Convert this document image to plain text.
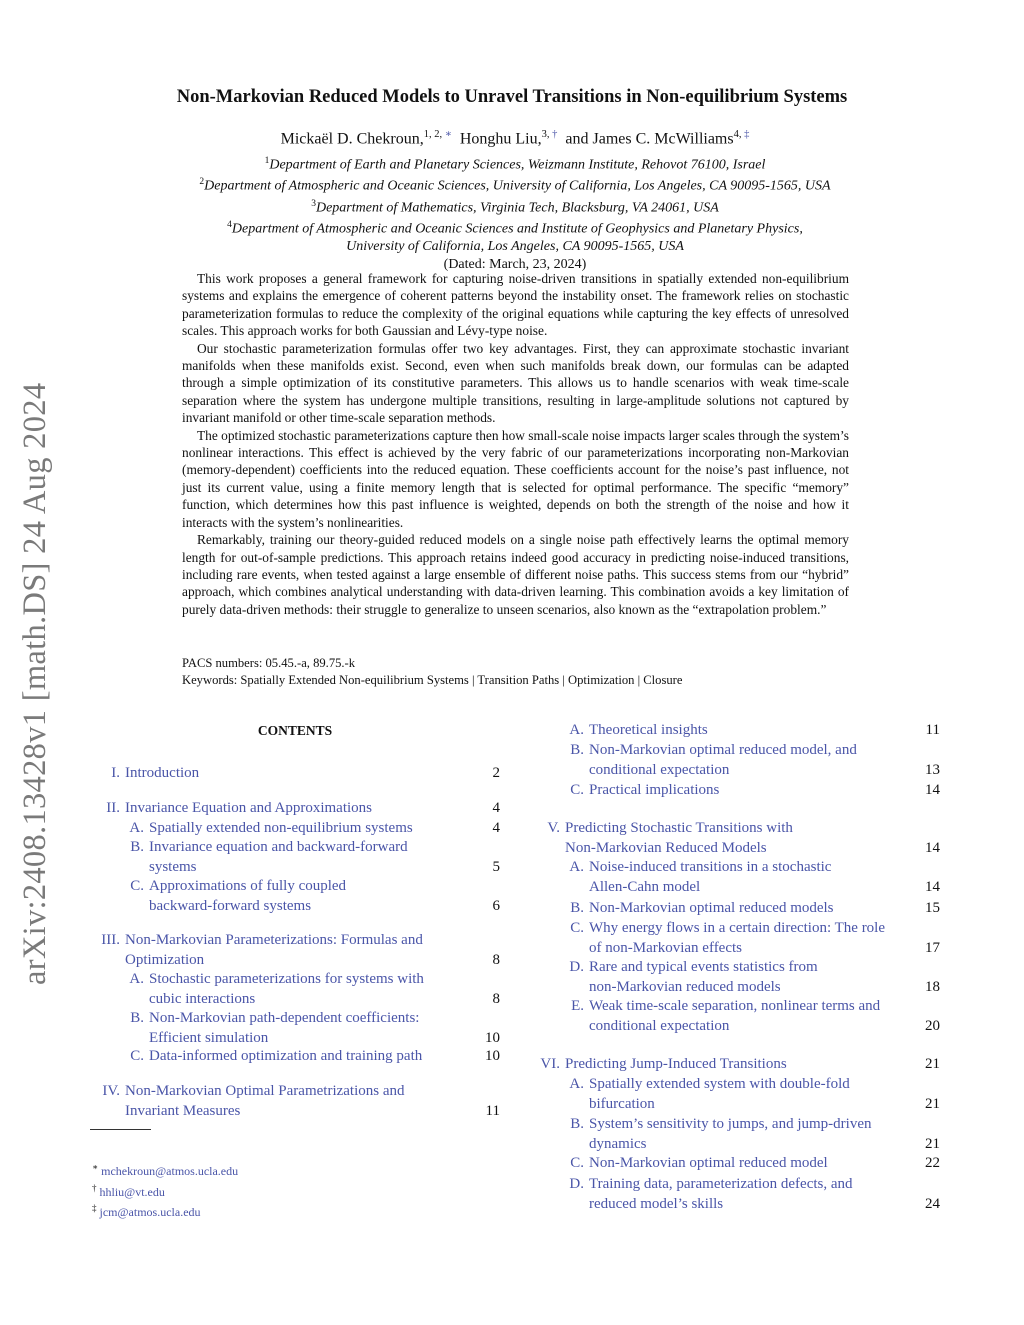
arXiv:2408.13428v1 [math.DS] 24 Aug 2024
Non-Markovian Reduced Models to Unravel Transitions in Non-equilibrium Systems
Mickaël D. Chekroun,$^{1, 2, ∗}$ Honghu Liu,$^{3, \dagger}$ and James C. McWilliams$^{4, \ddagger}$
$^1$Department of Earth and Planetary Sciences, Weizmann Institute, Rehovot 76100, Israel
$^2$Department of Atmospheric and Oceanic Sciences, University of California, Los Angeles, CA 90095-1565, USA
$^3$Department of Mathematics, Virginia Tech, Blacksburg, VA 24061, USA
$^4$Department of Atmospheric and Oceanic Sciences and Institute of Geophysics and Planetary Physics,
University of California, Los Angeles, CA 90095-1565, USA
(Dated: March, 23, 2024)

This work proposes a general framework for capturing noise-driven transitions in spatially extended non-equilibrium systems and explains the emergence of coherent patterns beyond the instability onset. The framework relies on stochastic parameterization formulas to reduce the complexity of the original equations while capturing the key effects of unresolved scales. This approach works for both Gaussian and Lévy-type noise.

Our stochastic parameterization formulas offer two key advantages. First, they can approximate stochastic invariant manifolds when these manifolds exist. Second, even when such manifolds break down, our formulas can be adapted through a simple optimization of its constitutive parameters. This allows us to handle scenarios with weak time-scale separation where the system has undergone multiple transitions, resulting in large-amplitude solutions not captured by invariant manifold or other time-scale separation methods.

The optimized stochastic parameterizations capture then how small-scale noise impacts larger scales through the system’s nonlinear interactions. This effect is achieved by the very fabric of our parameterizations incorporating non-Markovian (memory-dependent) coefficients into the reduced equation. These coefficients account for the noise’s past influence, not just its current value, using a finite memory length that is selected for optimal performance. The specific “memory” function, which determines how this past influence is weighted, depends on both the strength of the noise and how it interacts with the system’s nonlinearities.

Remarkably, training our theory-guided reduced models on a single noise path effectively learns the optimal memory length for out-of-sample predictions. This approach retains indeed good accuracy in predicting noise-induced transitions, including rare events, when tested against a large ensemble of different noise paths. This success stems from our “hybrid” approach, which combines analytical understanding with data-driven learning. This combination avoids a key limitation of purely data-driven methods: their struggle to generalize to unseen scenarios, also known as the “extrapolation problem.”

PACS numbers: 05.45.-a, 89.75.-k
Keywords: Spatially Extended Non-equilibrium Systems | Transition Paths | Optimization | Closure
CONTENTS
I. Introduction	2
II. Invariance Equation and Approximations	4
A. Spatially extended non-equilibrium systems	4
B. Invariance equation and backward-forward
systems	5
C. Approximations of fully coupled
backward-forward systems	6
III. Non-Markovian Parameterizations: Formulas and
Optimization	8
A. Stochastic parameterizations for systems with
cubic interactions	8
B. Non-Markovian path-dependent coefficients:
Efficient simulation	10
C. Data-informed optimization and training path	10
IV. Non-Markovian Optimal Parametrizations and
Invariant Measures	11
A. Theoretical insights	11
B. Non-Markovian optimal reduced model, and
conditional expectation	13
C. Practical implications	14
V. Predicting Stochastic Transitions with
Non-Markovian Reduced Models	14
A. Noise-induced transitions in a stochastic
Allen-Cahn model	14
B. Non-Markovian optimal reduced models	15
C. Why energy flows in a certain direction: The role
of non-Markovian effects	17
D. Rare and typical events statistics from
non-Markovian reduced models	18
E. Weak time-scale separation, nonlinear terms and
conditional expectation	20
VI. Predicting Jump-Induced Transitions	21
A. Spatially extended system with double-fold
bifurcation	21
B. System’s sensitivity to jumps, and jump-driven
dynamics	21
C. Non-Markovian optimal reduced model	22
D. Training data, parameterization defects, and
reduced model’s skills	24
∗ mchekroun@atmos.ucla.edu
† hhliu@vt.edu
‡ jcm@atmos.ucla.edu
